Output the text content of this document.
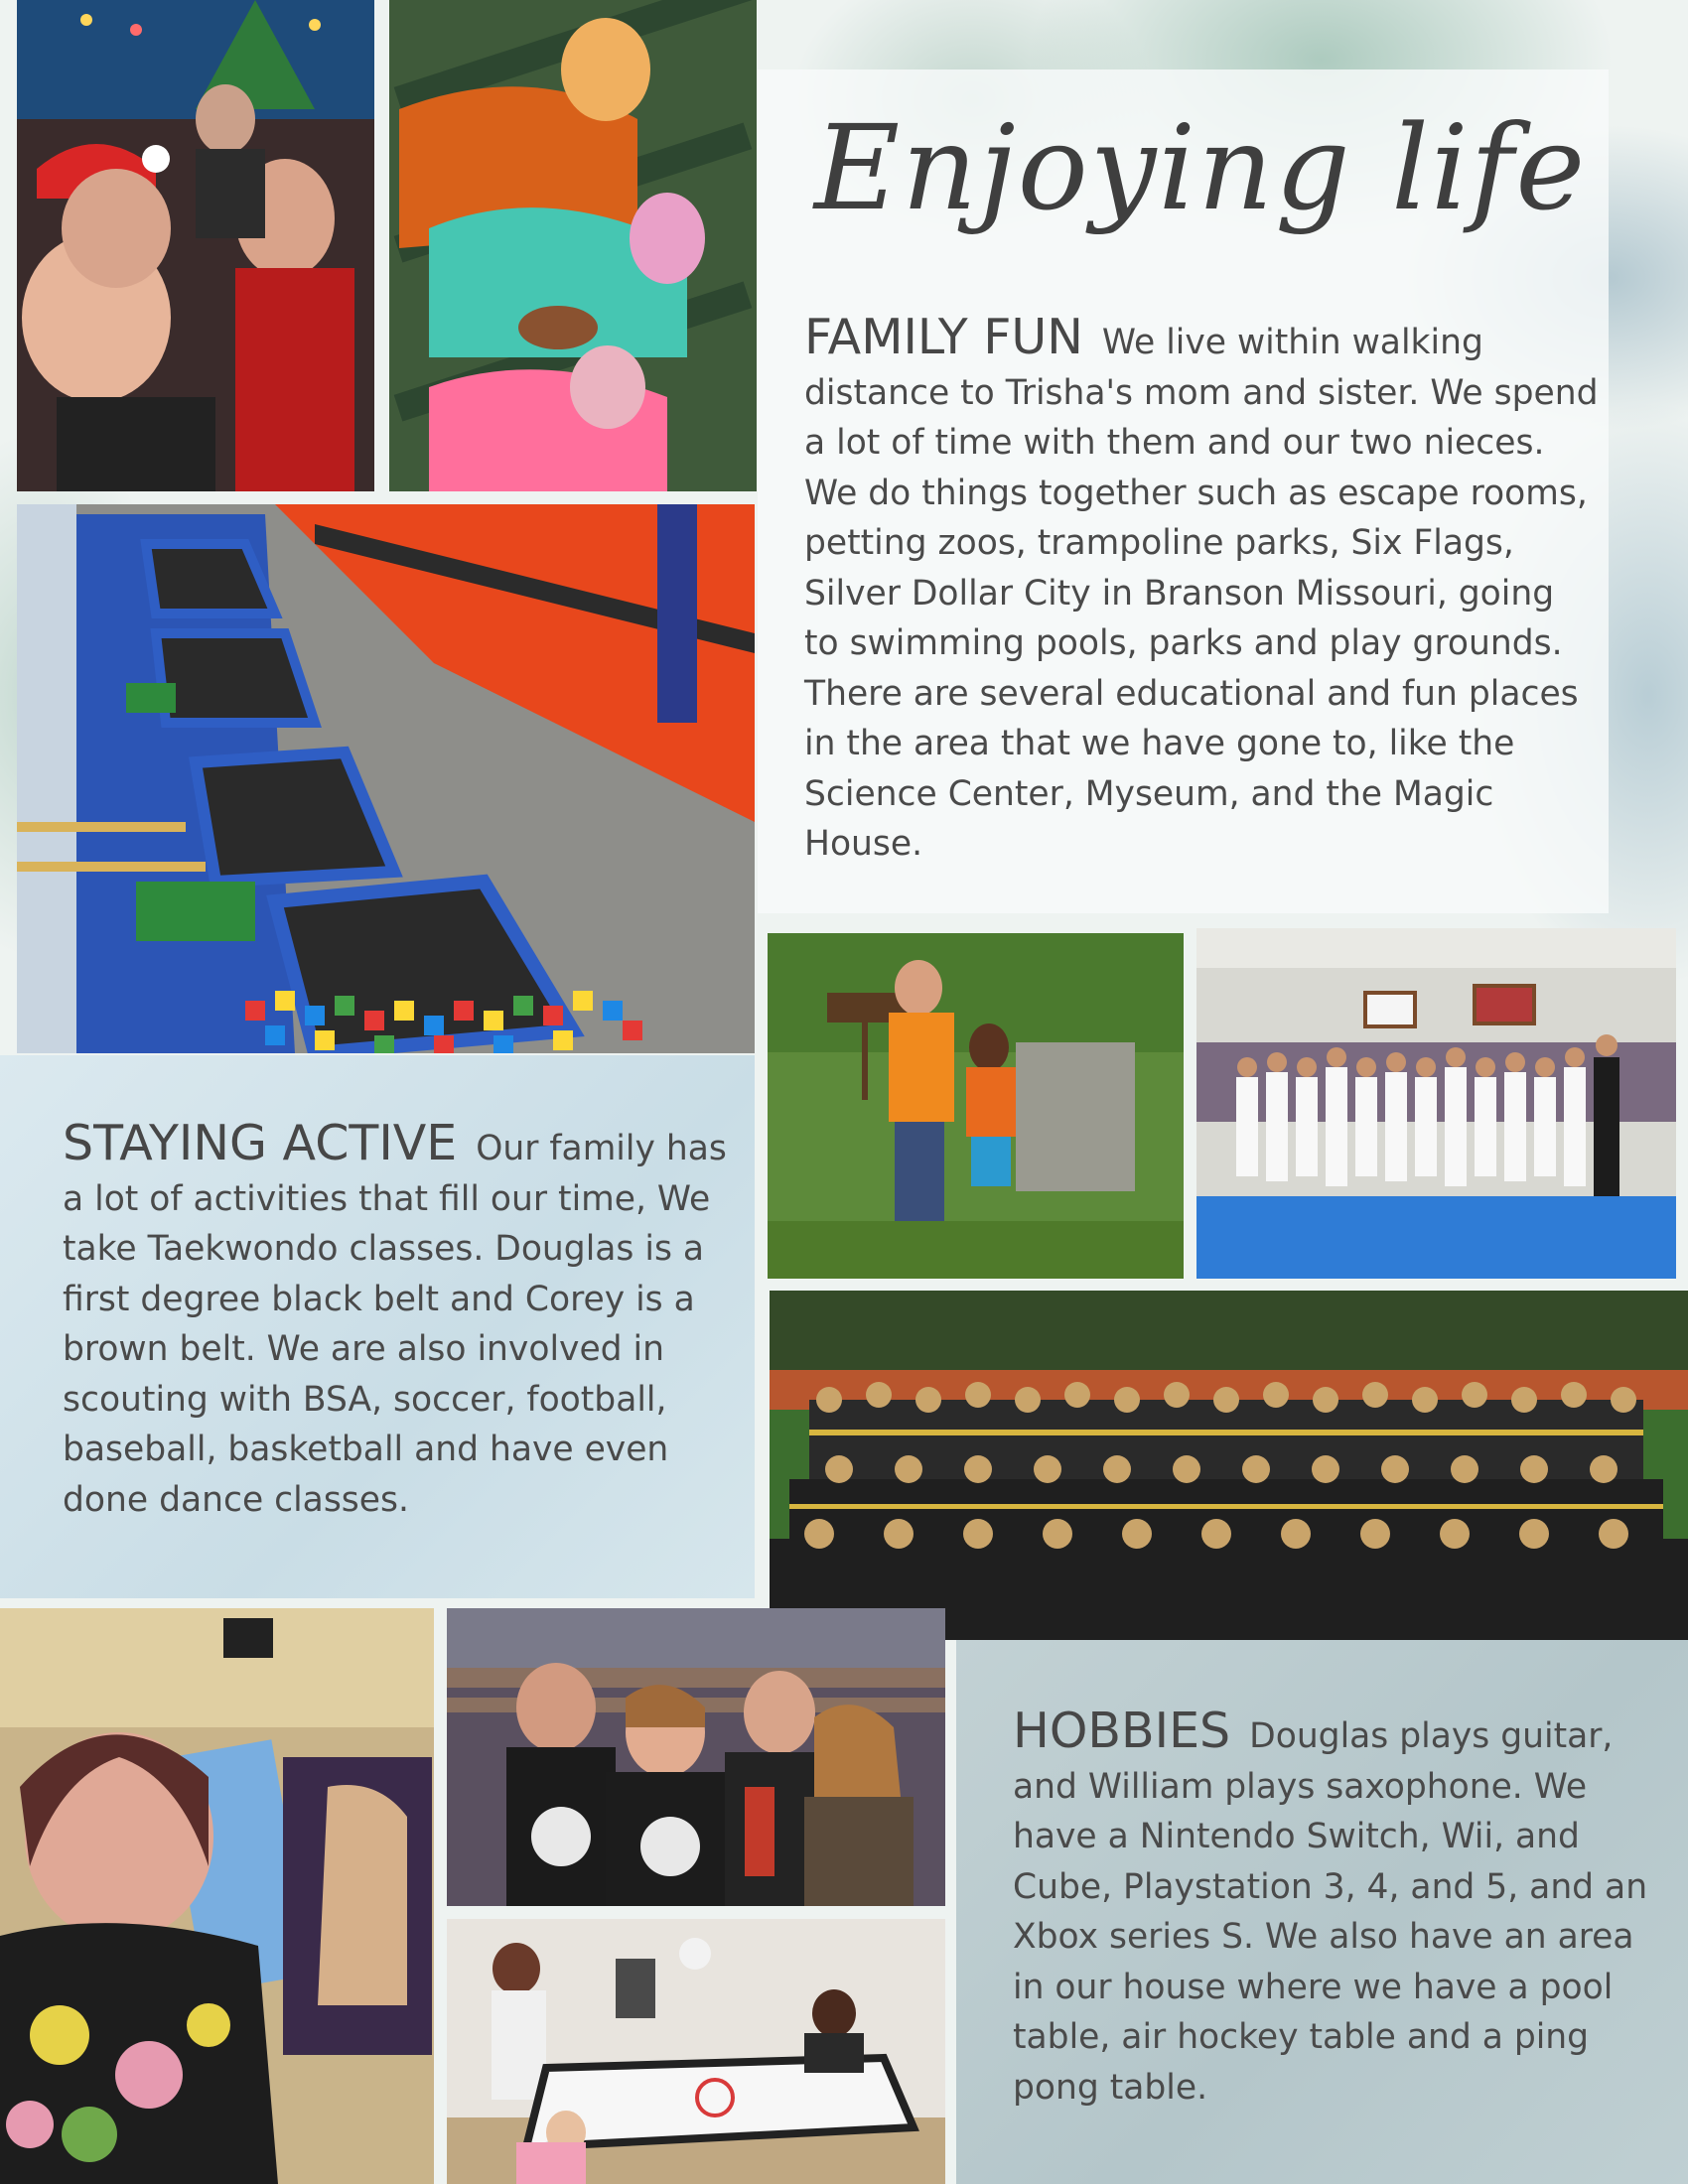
Enjoying life
FAMILY FUN We live within walking distance to Trisha's mom and sister. We spend a lot of time with them and our two nieces. We do things together such as escape rooms, petting zoos, trampoline parks, Six Flags, Silver Dollar City in Branson Missouri, going to swimming pools, parks and play grounds. There are several educational and fun places in the area that we have gone to, like the Science Center, Myseum, and the Magic House.
STAYING ACTIVE Our family has a lot of activities that fill our time, We take Taekwondo classes. Douglas is a first degree black belt and Corey is a brown belt. We are also involved in scouting with BSA, soccer, football, baseball, basketball and have even done dance classes.
HOBBIES Douglas plays guitar, and William plays saxophone. We have a Nintendo Switch, Wii, and Cube, Playstation 3, 4, and 5, and an Xbox series S. We also have an area in our house where we have a pool table, air hockey table and a ping pong table.
